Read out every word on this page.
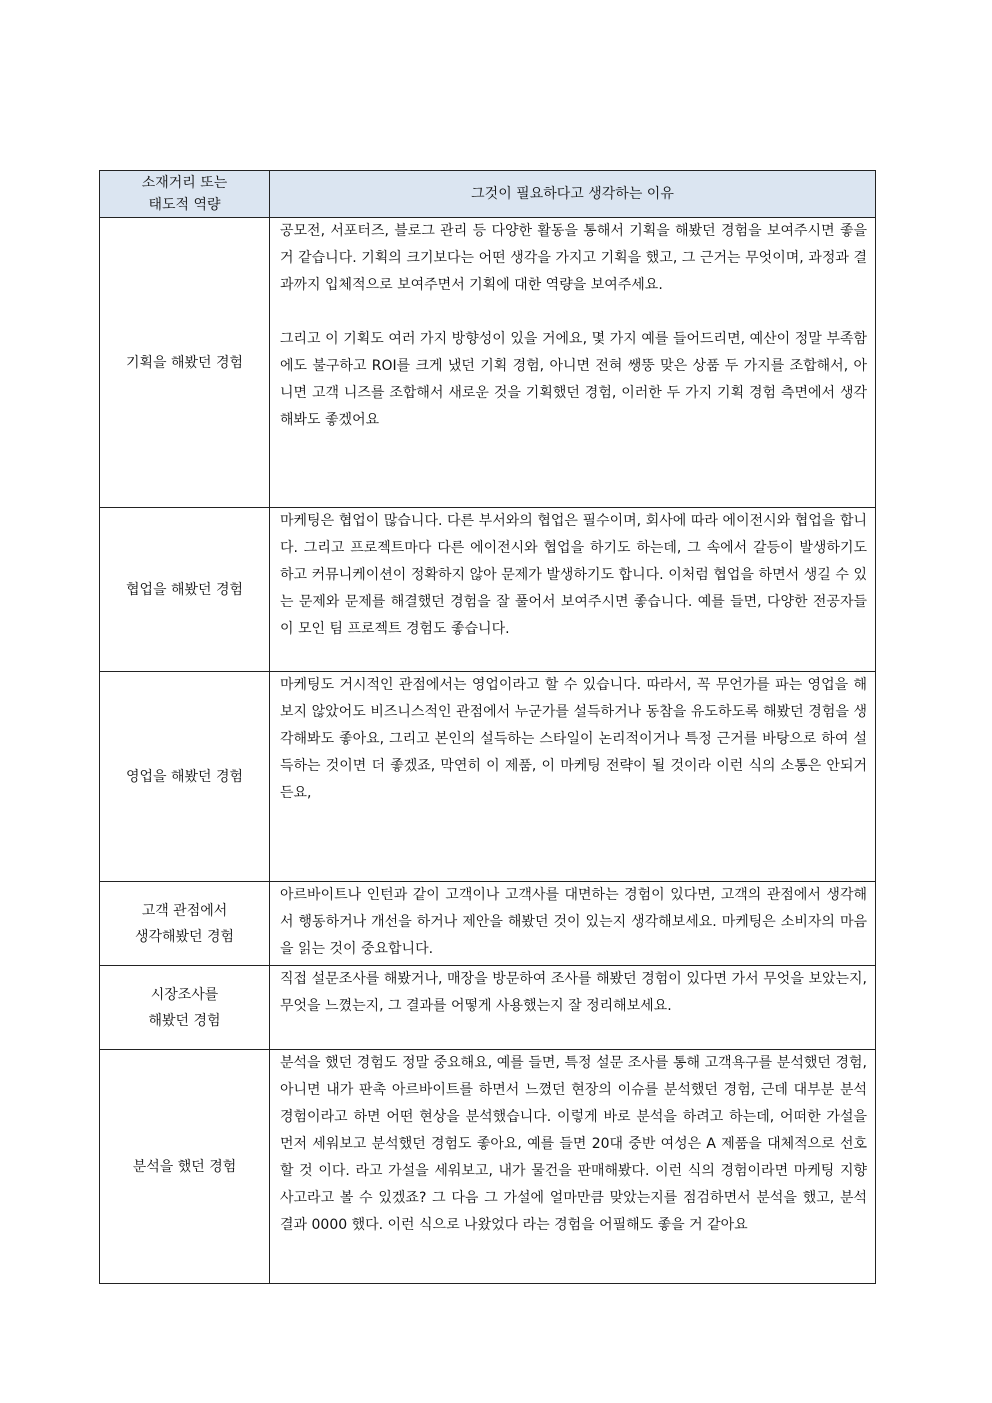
소재거리 또는
태도적 역량	그것이 필요하다고 생각하는 이유

기획을 해봤던 경험	공모전, 서포터즈, 블로그 관리 등 다양한 활동을 통해서 기획을 해봤던 경험을 보여주시면 좋을 거 같습니다. 기획의 크기보다는 어떤 생각을 가지고 기획을 했고, 그 근거는 무엇이며, 과정과 결과까지 입체적으로 보여주면서 기획에 대한 역량을 보여주세요.

그리고 이 기획도 여러 가지 방향성이 있을 거에요, 몇 가지 예를 들어드리면, 예산이 정말 부족함에도 불구하고 ROI를 크게 냈던 기획 경험, 아니면 전혀 쌩뚱 맞은 상품 두 가지를 조합해서, 아니면 고객 니즈를 조합해서 새로운 것을 기획했던 경험, 이러한 두 가지 기획 경험 측면에서 생각해봐도 좋겠어요

협업을 해봤던 경험	마케팅은 협업이 많습니다. 다른 부서와의 협업은 필수이며, 회사에 따라 에이전시와 협업을 합니다. 그리고 프로젝트마다 다른 에이전시와 협업을 하기도 하는데, 그 속에서 갈등이 발생하기도 하고 커뮤니케이션이 정확하지 않아 문제가 발생하기도 합니다. 이처럼 협업을 하면서 생길 수 있는 문제와 문제를 해결했던 경험을 잘 풀어서 보여주시면 좋습니다. 예를 들면, 다양한 전공자들이 모인 팀 프로젝트 경험도 좋습니다.

영업을 해봤던 경험	마케팅도 거시적인 관점에서는 영업이라고 할 수 있습니다. 따라서, 꼭 무언가를 파는 영업을 해보지 않았어도 비즈니스적인 관점에서 누군가를 설득하거나 동참을 유도하도록 해봤던 경험을 생각해봐도 좋아요, 그리고 본인의 설득하는 스타일이 논리적이거나 특정 근거를 바탕으로 하여 설득하는 것이면 더 좋겠죠, 막연히 이 제품, 이 마케팅 전략이 될 것이라 이런 식의 소통은 안되거든요,

고객 관점에서
생각해봤던 경험	아르바이트나 인턴과 같이 고객이나 고객사를 대면하는 경험이 있다면, 고객의 관점에서 생각해서 행동하거나 개선을 하거나 제안을 해봤던 것이 있는지 생각해보세요. 마케팅은 소비자의 마음을 읽는 것이 중요합니다.

시장조사를
해봤던 경험	직접 설문조사를 해봤거나, 매장을 방문하여 조사를 해봤던 경험이 있다면 가서 무엇을 보았는지, 무엇을 느꼈는지, 그 결과를 어떻게 사용했는지 잘 정리해보세요.

분석을 했던 경험	분석을 했던 경험도 정말 중요해요, 예를 들면, 특정 설문 조사를 통해 고객욕구를 분석했던 경험, 아니면 내가 판촉 아르바이트를 하면서 느꼈던 현장의 이슈를 분석했던 경험, 근데 대부분 분석 경험이라고 하면 어떤 현상을 분석했습니다. 이렇게 바로 분석을 하려고 하는데, 어떠한 가설을 먼저 세워보고 분석했던 경험도 좋아요, 예를 들면 20대 중반 여성은 A 제품을 대체적으로 선호할 것 이다. 라고 가설을 세워보고, 내가 물건을 판매해봤다. 이런 식의 경험이라면 마케팅 지향 사고라고 볼 수 있겠죠? 그 다음 그 가설에 얼마만큼 맞았는지를 점검하면서 분석을 했고, 분석 결과 0000 했다. 이런 식으로 나왔었다 라는 경험을 어필해도 좋을 거 같아요
